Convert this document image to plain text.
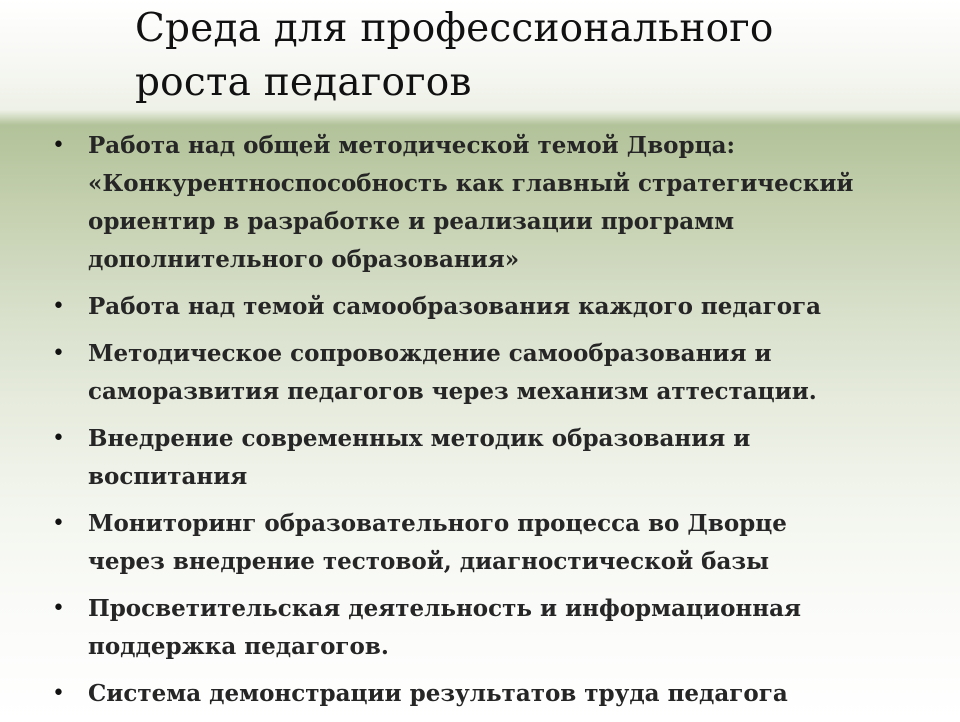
Среда для профессионального
роста педагогов
• Работа над общей методической темой Дворца:
«Конкурентноспособность как главный стратегический
ориентир в разработке и реализации программ
дополнительного образования»
• Работа над темой самообразования каждого педагога
• Методическое сопровождение самообразования и
саморазвития педагогов через механизм аттестации.
• Внедрение современных методик образования и
воспитания
• Мониторинг образовательного процесса во Дворце
через внедрение тестовой, диагностической базы
• Просветительская деятельность и информационная
поддержка педагогов.
• Система демонстрации результатов труда педагога
